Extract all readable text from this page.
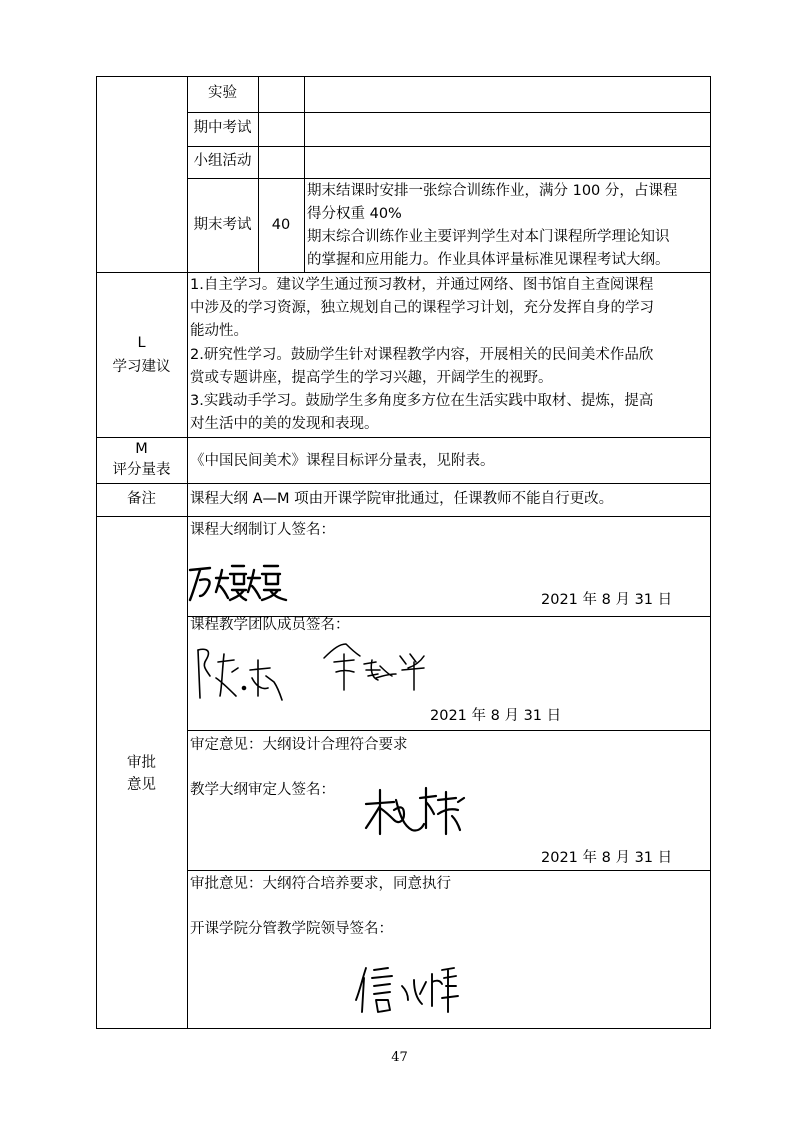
实验
期中考试
小组活动
期末考试	40
期末结课时安排一张综合训练作业，满分 100 分，占课程
得分权重 40%
期末综合训练作业主要评判学生对本门课程所学理论知识
的掌握和应用能力。作业具体评量标准见课程考试大纲。
L
学习建议
1.自主学习。建议学生通过预习教材，并通过网络、图书馆自主查阅课程
中涉及的学习资源，独立规划自己的课程学习计划，充分发挥自身的学习
能动性。
2.研究性学习。鼓励学生针对课程教学内容，开展相关的民间美术作品欣
赏或专题讲座，提高学生的学习兴趣，开阔学生的视野。
3.实践动手学习。鼓励学生多角度多方位在生活实践中取材、提炼，提高
对生活中的美的发现和表现。
M
评分量表
《中国民间美术》课程目标评分量表，见附表。
备注	课程大纲 A—M 项由开课学院审批通过，任课教师不能自行更改。
审批
意见
课程大纲制订人签名：
2021 年 8 月 31 日
课程教学团队成员签名：
2021 年 8 月 31 日
审定意见：大纲设计合理符合要求
教学大纲审定人签名：
2021 年 8 月 31 日
审批意见：大纲符合培养要求，同意执行
开课学院分管教学院领导签名：
47
